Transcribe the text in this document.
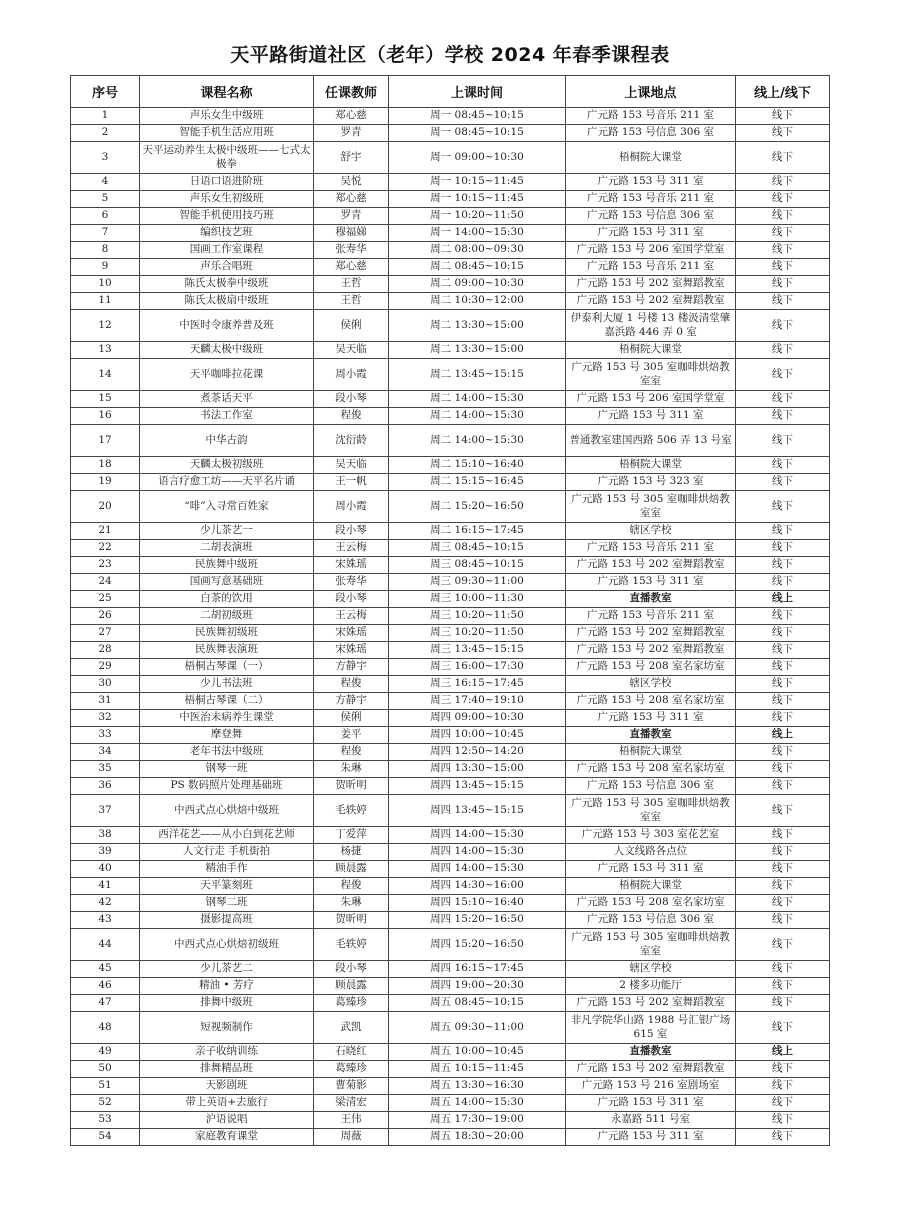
天平路街道社区（老年）学校 2024 年春季课程表
序号	课程名称	任课教师	上课时间	上课地点	线上/线下
1	声乐女生中级班	郑心慈	周一 08:45~10:15	广元路 153 号音乐 211 室	线下
2	智能手机生活应用班	罗青	周一 08:45~10:15	广元路 153 号信息 306 室	线下
3	天平运动养生太极中级班——七式太极拳	舒宇	周一 09:00~10:30	梧桐院大课堂	线下
4	日语口语进阶班	吴悦	周一 10:15~11:45	广元路 153 号 311 室	线下
5	声乐女生初级班	郑心慈	周一 10:15~11:45	广元路 153 号音乐 211 室	线下
6	智能手机使用技巧班	罗青	周一 10:20~11:50	广元路 153 号信息 306 室	线下
7	编织技艺班	穆福娣	周一 14:00~15:30	广元路 153 号 311 室	线下
8	国画工作室课程	张寿华	周二 08:00~09:30	广元路 153 号 206 室国学堂室	线下
9	声乐合唱班	郑心慈	周二 08:45~10:15	广元路 153 号音乐 211 室	线下
10	陈氏太极拳中级班	王哲	周二 09:00~10:30	广元路 153 号 202 室舞蹈教室	线下
11	陈氏太极扇中级班	王哲	周二 10:30~12:00	广元路 153 号 202 室舞蹈教室	线下
12	中医时令康养普及班	侯俐	周二 13:30~15:00	伊泰利大厦 1 号楼 13 楼汲清堂肇嘉浜路 446 弄 0 室	线下
13	天麟太极中级班	吴天临	周二 13:30~15:00	梧桐院大课堂	线下
14	天平咖啡拉花课	周小霞	周二 13:45~15:15	广元路 153 号 305 室咖啡烘焙教室室	线下
15	煮茶话天平	段小琴	周二 14:00~15:30	广元路 153 号 206 室国学堂室	线下
16	书法工作室	程俊	周二 14:00~15:30	广元路 153 号 311 室	线下
17	中华古韵	沈衍龄	周二 14:00~15:30	普通教室建国西路 506 弄 13 号室	线下
18	天麟太极初级班	吴天临	周二 15:10~16:40	梧桐院大课堂	线下
19	语言疗愈工坊——天平名片诵	王一帆	周二 15:15~16:45	广元路 153 号 323 室	线下
20	“啡”入寻常百姓家	周小霞	周二 15:20~16:50	广元路 153 号 305 室咖啡烘焙教室室	线下
21	少儿茶艺一	段小琴	周二 16:15~17:45	辖区学校	线下
22	二胡表演班	王云梅	周三 08:45~10:15	广元路 153 号音乐 211 室	线下
23	民族舞中级班	宋姝瑶	周三 08:45~10:15	广元路 153 号 202 室舞蹈教室	线下
24	国画写意基础班	张寿华	周三 09:30~11:00	广元路 153 号 311 室	线下
25	白茶的饮用	段小琴	周三 10:00~11:30	直播教室	线上
26	二胡初级班	王云梅	周三 10:20~11:50	广元路 153 号音乐 211 室	线下
27	民族舞初级班	宋姝瑶	周三 10:20~11:50	广元路 153 号 202 室舞蹈教室	线下
28	民族舞表演班	宋姝瑶	周三 13:45~15:15	广元路 153 号 202 室舞蹈教室	线下
29	梧桐古琴课（一）	方静宇	周三 16:00~17:30	广元路 153 号 208 室名家坊室	线下
30	少儿书法班	程俊	周三 16:15~17:45	辖区学校	线下
31	梧桐古琴课（二）	方静宇	周三 17:40~19:10	广元路 153 号 208 室名家坊室	线下
32	中医治未病养生课堂	侯俐	周四 09:00~10:30	广元路 153 号 311 室	线下
33	摩登舞	姜平	周四 10:00~10:45	直播教室	线上
34	老年书法中级班	程俊	周四 12:50~14:20	梧桐院大课堂	线下
35	钢琴一班	朱琳	周四 13:30~15:00	广元路 153 号 208 室名家坊室	线下
36	PS 数码照片处理基础班	贺昕明	周四 13:45~15:15	广元路 153 号信息 306 室	线下
37	中西式点心烘焙中级班	毛轶婷	周四 13:45~15:15	广元路 153 号 305 室咖啡烘焙教室室	线下
38	西洋花艺——从小白到花艺师	丁爱萍	周四 14:00~15:30	广元路 153 号 303 室花艺室	线下
39	人文行走 手机街拍	杨捷	周四 14:00~15:30	人文线路各点位	线下
40	精油手作	顾晨露	周四 14:00~15:30	广元路 153 号 311 室	线下
41	天平篆刻班	程俊	周四 14:30~16:00	梧桐院大课堂	线下
42	钢琴二班	朱琳	周四 15:10~16:40	广元路 153 号 208 室名家坊室	线下
43	摄影提高班	贺昕明	周四 15:20~16:50	广元路 153 号信息 306 室	线下
44	中西式点心烘焙初级班	毛轶婷	周四 15:20~16:50	广元路 153 号 305 室咖啡烘焙教室室	线下
45	少儿茶艺二	段小琴	周四 16:15~17:45	辖区学校	线下
46	精油 • 芳疗	顾晨露	周四 19:00~20:30	2 楼多功能厅	线下
47	排舞中级班	葛臻珍	周五 08:45~10:15	广元路 153 号 202 室舞蹈教室	线下
48	短视频制作	武凯	周五 09:30~11:00	非凡学院华山路 1988 号汇银广场 615 室	线下
49	亲子收纳训练	石晓红	周五 10:00~10:45	直播教室	线上
50	排舞精品班	葛臻珍	周五 10:15~11:45	广元路 153 号 202 室舞蹈教室	线下
51	天影剧班	曹菊影	周五 13:30~16:30	广元路 153 号 216 室剧场室	线下
52	带上英语+去旅行	梁清宏	周五 14:00~15:30	广元路 153 号 311 室	线下
53	沪语说唱	王伟	周五 17:30~19:00	永嘉路 511 号室	线下
54	家庭教育课堂	周薇	周五 18:30~20:00	广元路 153 号 311 室	线下
